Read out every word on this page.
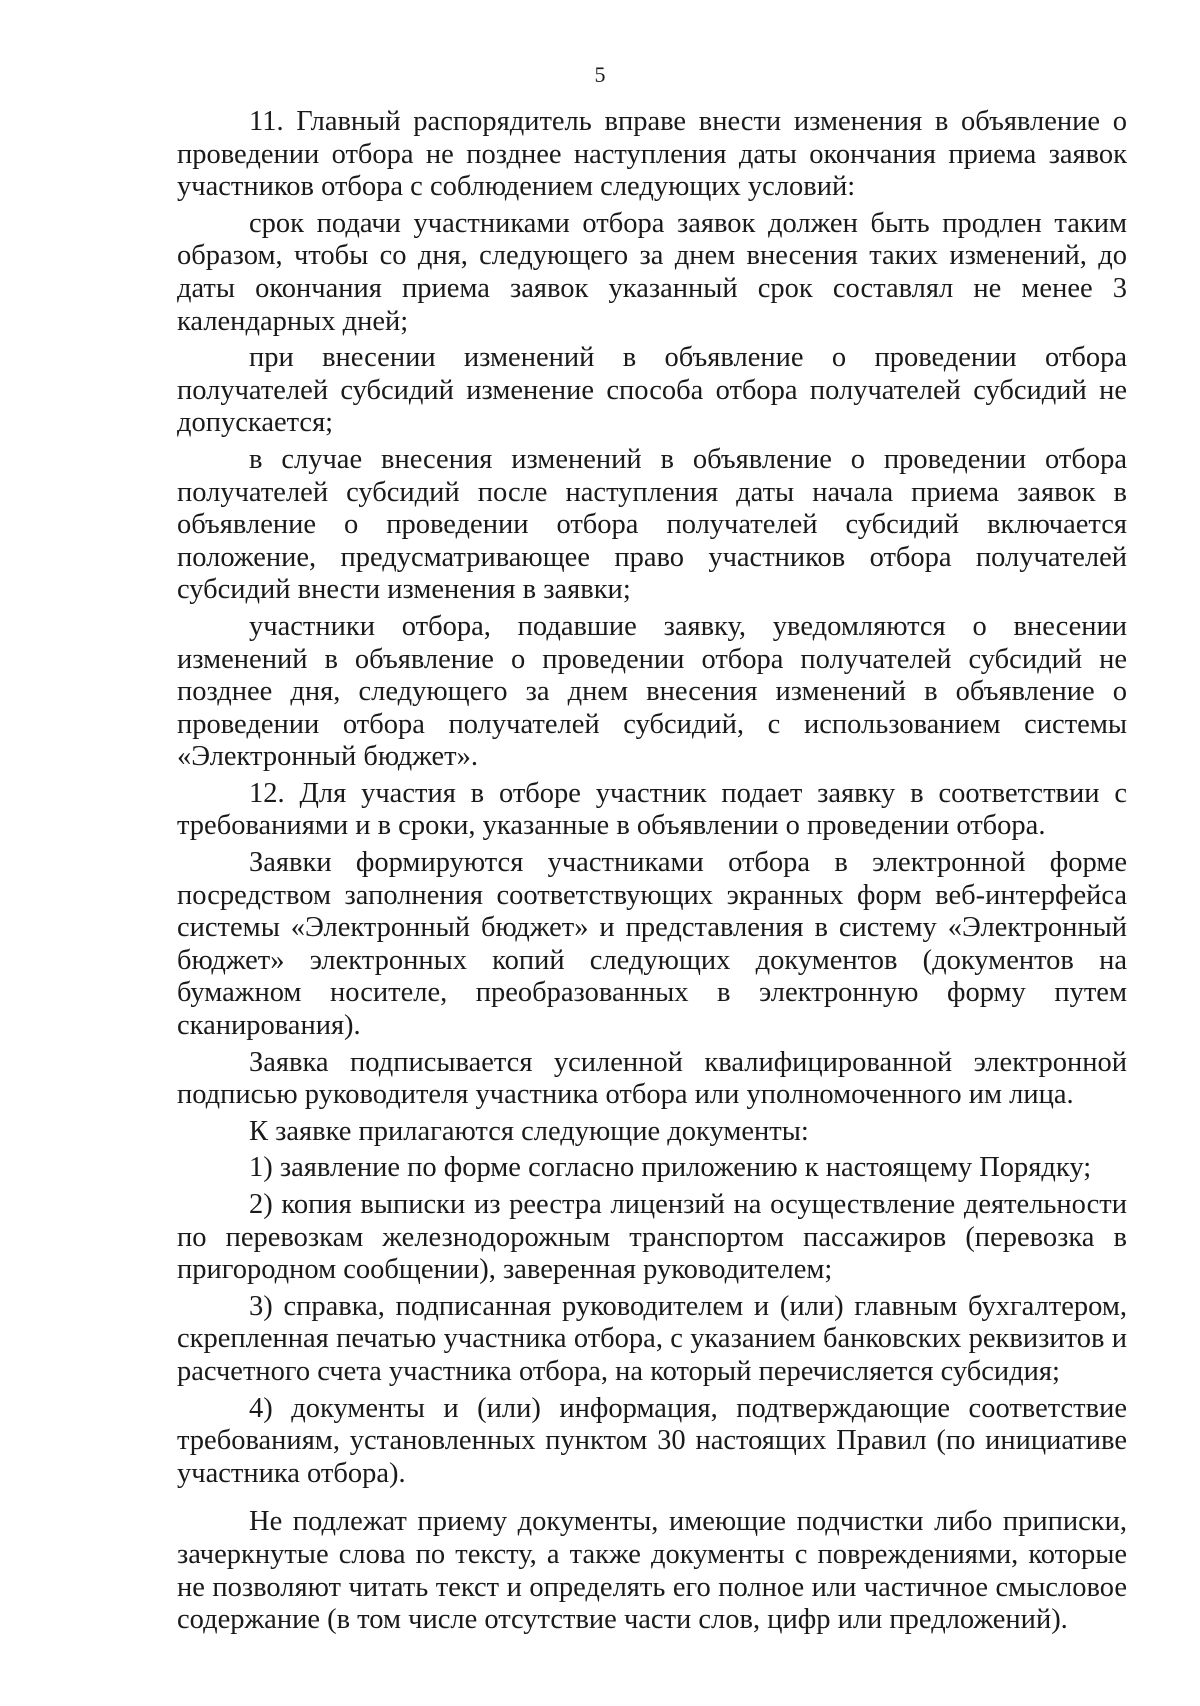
5

11. Главный распорядитель вправе внести изменения в объявление о проведении отбора не позднее наступления даты окончания приема заявок участников отбора с соблюдением следующих условий:

срок подачи участниками отбора заявок должен быть продлен таким образом, чтобы со дня, следующего за днем внесения таких изменений, до даты окончания приема заявок указанный срок составлял не менее 3 календарных дней;

при внесении изменений в объявление о проведении отбора получателей субсидий изменение способа отбора получателей субсидий не допускается;

в случае внесения изменений в объявление о проведении отбора получателей субсидий после наступления даты начала приема заявок в объявление о проведении отбора получателей субсидий включается положение, предусматривающее право участников отбора получателей субсидий внести изменения в заявки;

участники отбора, подавшие заявку, уведомляются о внесении изменений в объявление о проведении отбора получателей субсидий не позднее дня, следующего за днем внесения изменений в объявление о проведении отбора получателей субсидий, с использованием системы «Электронный бюджет».

12. Для участия в отборе участник подает заявку в соответствии с требованиями и в сроки, указанные в объявлении о проведении отбора.

Заявки формируются участниками отбора в электронной форме посредством заполнения соответствующих экранных форм веб-интерфейса системы «Электронный бюджет» и представления в систему «Электронный бюджет» электронных копий следующих документов (документов на бумажном носителе, преобразованных в электронную форму путем сканирования).

Заявка подписывается усиленной квалифицированной электронной подписью руководителя участника отбора или уполномоченного им лица.

К заявке прилагаются следующие документы:

1) заявление по форме согласно приложению к настоящему Порядку;

2) копия выписки из реестра лицензий на осуществление деятельности по перевозкам железнодорожным транспортом пассажиров (перевозка в пригородном сообщении), заверенная руководителем;

3) справка, подписанная руководителем и (или) главным бухгалтером, скрепленная печатью участника отбора, с указанием банковских реквизитов и расчетного счета участника отбора, на который перечисляется субсидия;

4) документы и (или) информация, подтверждающие соответствие требованиям, установленных пунктом 30 настоящих Правил (по инициативе участника отбора).

Не подлежат приему документы, имеющие подчистки либо приписки, зачеркнутые слова по тексту, а также документы с повреждениями, которые не позволяют читать текст и определять его полное или частичное смысловое содержание (в том числе отсутствие части слов, цифр или предложений).
